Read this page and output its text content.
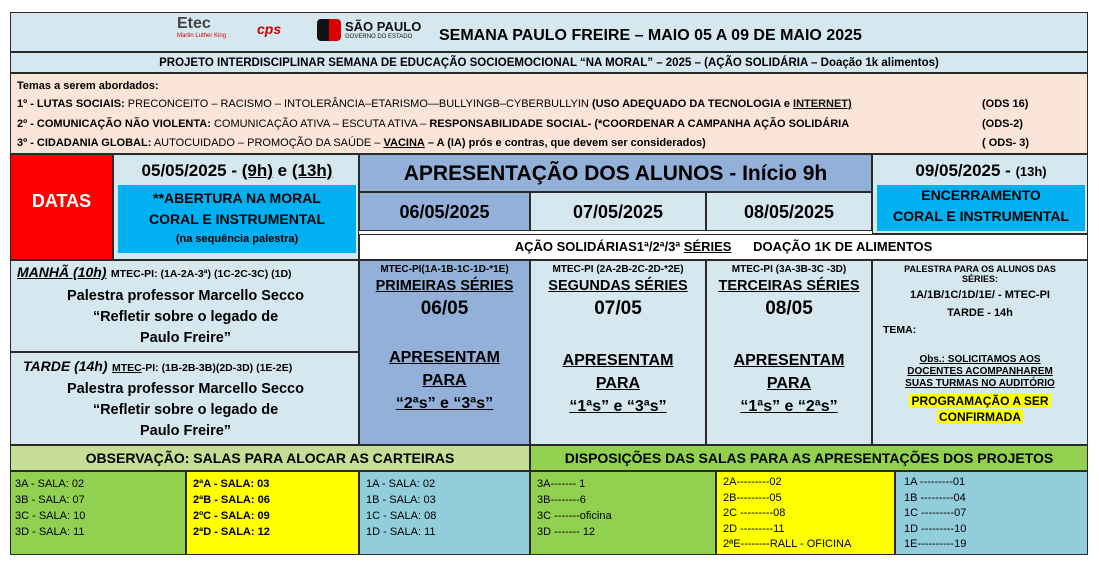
Etec
Martin Luther King	cps	SÃO PAULO
GOVERNO DO ESTADO SEMANA PAULO FREIRE – MAIO 05 A 09 DE MAIO 2025
PROJETO INTERDISCIPLINAR SEMANA DE EDUCAÇÃO SOCIOEMOCIONAL “NA MORAL” – 2025 – (AÇÃO SOLIDÁRIA – Doação 1k alimentos)
Temas a serem abordados:
1º - LUTAS SOCIAIS: PRECONCEITO – RACISMO – INTOLERÂNCIA–ETARISMO—BULLYINGB–CYBERBULLYIN (USO ADEQUADO DA TECNOLOGIA e INTERNET)	(ODS 16)
2º - COMUNICAÇÃO NÃO VIOLENTA: COMUNICAÇÃO ATIVA – ESCUTA ATIVA – RESPONSABILIDADE SOCIAL- (*COORDENAR A CAMPANHA AÇÃO SOLIDÁRIA	(ODS-2)
3º - CIDADANIA GLOBAL: AUTOCUIDADO – PROMOÇÃO DA SAÚDE – VACINA – A (IA) prós e contras, que devem ser considerados)	( ODS- 3)
DATAS
05/05/2025 - (9h) e (13h)
**ABERTURA NA MORAL
CORAL E INSTRUMENTAL
(na sequência palestra)
APRESENTAÇÃO DOS ALUNOS - Início 9h
06/05/2025	07/05/2025	08/05/2025
09/05/2025 - (13h)
ENCERRAMENTO
CORAL E INSTRUMENTAL
AÇÃO SOLIDÁRIAS1ª/2ª/3ª SÉRIES DOAÇÃO 1K DE ALIMENTOS
MANHÃ (10h) MTEC-PI: (1A-2A-3ª) (1C-2C-3C) (1D)
Palestra professor Marcello Secco
“Refletir sobre o legado de
Paulo Freire”
TARDE (14h) MTEC-PI: (1B-2B-3B)(2D-3D) (1E-2E)
Palestra professor Marcello Secco
“Refletir sobre o legado de
Paulo Freire”
MTEC-PI(1A-1B-1C-1D-*1E)
PRIMEIRAS SÉRIES
06/05
APRESENTAM
PARA
“2ªs” e “3ªs”
MTEC-PI (2A-2B-2C-2D-*2E)
SEGUNDAS SÉRIES
07/05
APRESENTAM
PARA
“1ªs” e “3ªs”
MTEC-PI (3A-3B-3C -3D)
TERCEIRAS SÉRIES
08/05
APRESENTAM
PARA
“1ªs” e “2ªs”
PALESTRA PARA OS ALUNOS DAS
SÉRIES:
1A/1B/1C/1D/1E/ - MTEC-PI
TARDE - 14h
TEMA:
Obs.: SOLICITAMOS AOS
DOCENTES ACOMPANHAREM
SUAS TURMAS NO AUDITÓRIO
PROGRAMAÇÃO A SER
CONFIRMADA
OBSERVAÇÃO: SALAS PARA ALOCAR AS CARTEIRAS	DISPOSIÇÕES DAS SALAS PARA AS APRESENTAÇÕES DOS PROJETOS
3A - SALA: 02
3B - SALA: 07
3C - SALA: 10
3D - SALA: 11
2ªA - SALA: 03
2ªB - SALA: 06
2ºC - SALA: 09
2ªD - SALA: 12
1A - SALA: 02
1B - SALA: 03
1C - SALA: 08
1D - SALA: 11
3A------- 1
3B--------6
3C -------oficina
3D ------- 12
2A---------02
2B---------05
2C ---------08
2D ---------11
2ªE--------RALL - OFICINA
1A ---------01
1B ---------04
1C ---------07
1D ---------10
1E----------19
